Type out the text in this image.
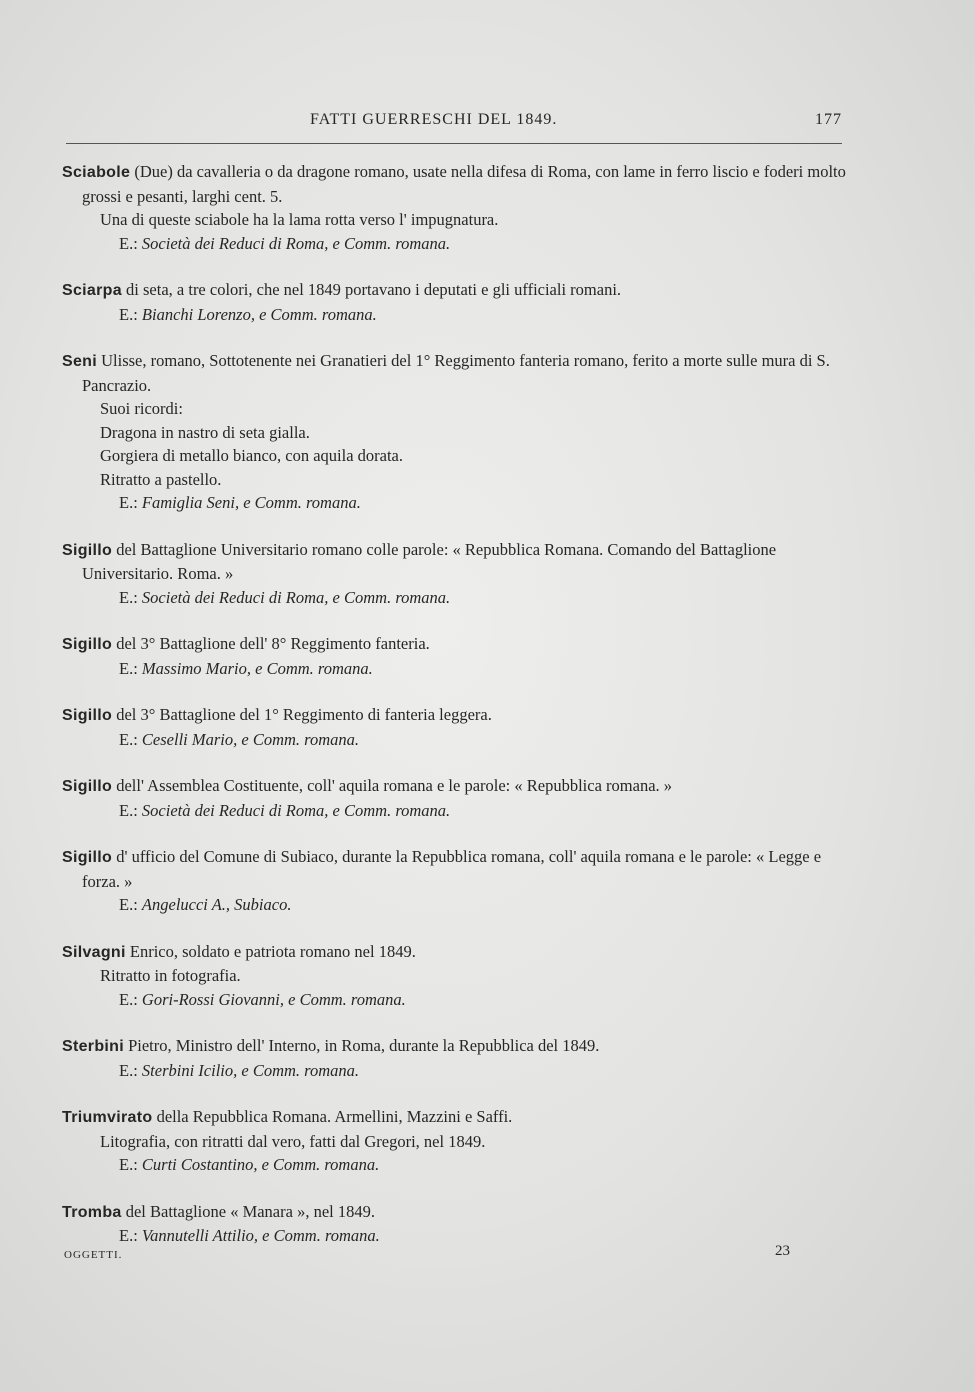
FATTI GUERRESCHI DEL 1849.	177
Sciabole (Due) da cavalleria o da dragone romano, usate nella difesa di Roma, con lame in ferro liscio e foderi molto grossi e pesanti, larghi cent. 5.
Una di queste sciabole ha la lama rotta verso l' impugnatura.
E.: Società dei Reduci di Roma, e Comm. romana.
Sciarpa di seta, a tre colori, che nel 1849 portavano i deputati e gli ufficiali romani.
E.: Bianchi Lorenzo, e Comm. romana.
Seni Ulisse, romano, Sottotenente nei Granatieri del 1° Reggimento fanteria romano, ferito a morte sulle mura di S. Pancrazio.
Suoi ricordi:
Dragona in nastro di seta gialla.
Gorgiera di metallo bianco, con aquila dorata.
Ritratto a pastello.
E.: Famiglia Seni, e Comm. romana.
Sigillo del Battaglione Universitario romano colle parole: « Repubblica Romana. Comando del Battaglione Universitario. Roma. »
E.: Società dei Reduci di Roma, e Comm. romana.
Sigillo del 3° Battaglione dell' 8° Reggimento fanteria.
E.: Massimo Mario, e Comm. romana.
Sigillo del 3° Battaglione del 1° Reggimento di fanteria leggera.
E.: Ceselli Mario, e Comm. romana.
Sigillo dell' Assemblea Costituente, coll' aquila romana e le parole: « Repubblica romana. »
E.: Società dei Reduci di Roma, e Comm. romana.
Sigillo d' ufficio del Comune di Subiaco, durante la Repubblica romana, coll' aquila romana e le parole: « Legge e forza. »
E.: Angelucci A., Subiaco.
Silvagni Enrico, soldato e patriota romano nel 1849.
Ritratto in fotografia.
E.: Gori-Rossi Giovanni, e Comm. romana.
Sterbini Pietro, Ministro dell' Interno, in Roma, durante la Repubblica del 1849.
E.: Sterbini Icilio, e Comm. romana.
Triumvirato della Repubblica Romana. Armellini, Mazzini e Saffi.
Litografia, con ritratti dal vero, fatti dal Gregori, nel 1849.
E.: Curti Costantino, e Comm. romana.
Tromba del Battaglione « Manara », nel 1849.
E.: Vannutelli Attilio, e Comm. romana.
OGGETTI.	23
